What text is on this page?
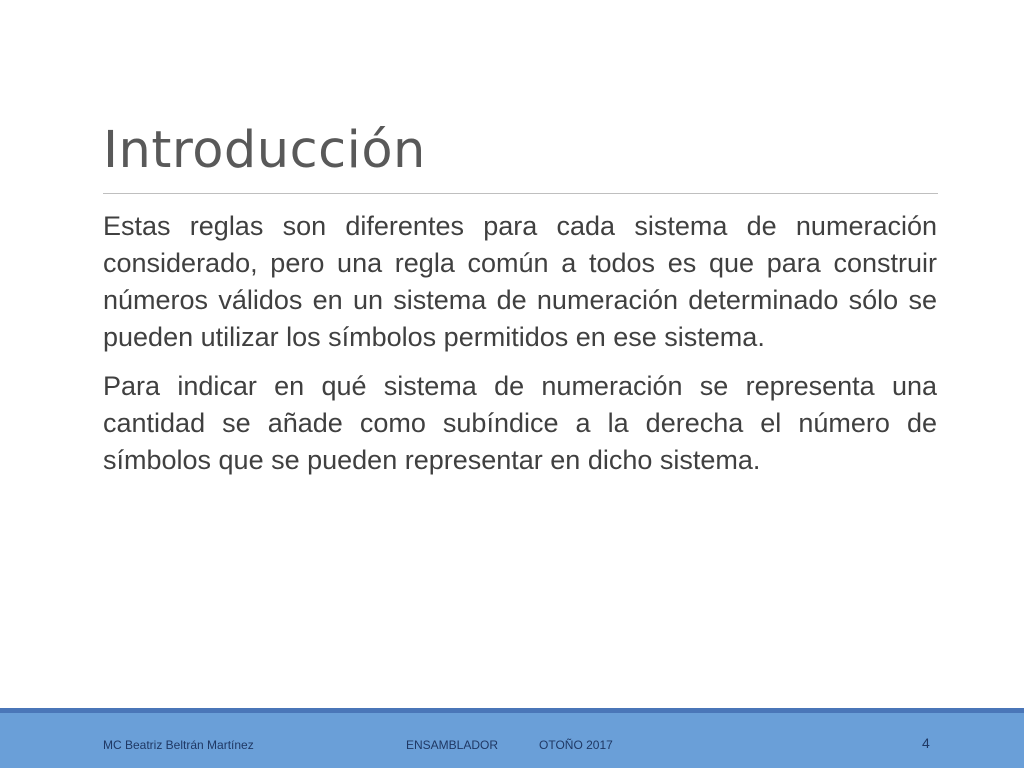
Introducción

Estas reglas son diferentes para cada sistema de numeración considerado, pero una regla común a todos es que para construir números válidos en un sistema de numeración determinado sólo se pueden utilizar los símbolos permitidos en ese sistema.

Para indicar en qué sistema de numeración se representa una cantidad se añade como subíndice a la derecha el número de símbolos que se pueden representar en dicho sistema.

MC Beatriz Beltrán Martínez	ENSAMBLADOR	OTOÑO 2017	4
